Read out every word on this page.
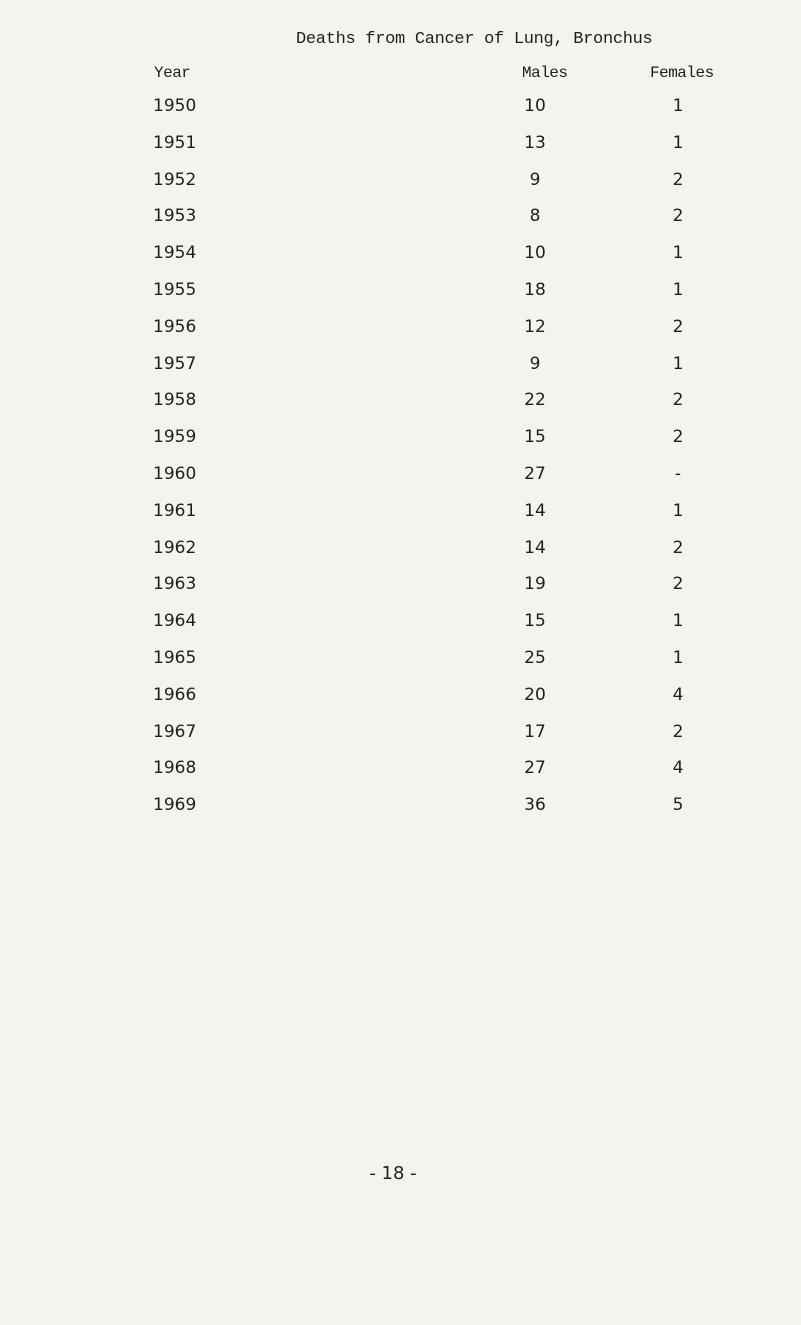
Deaths from Cancer of Lung, Bronchus
Year	Males	Females
1950	10	1
1951	13	1
1952	9	2
1953	8	2
1954	10	1
1955	18	1
1956	12	2
1957	9	1
1958	22	2
1959	15	2
1960	27	-
1961	14	1
1962	14	2
1963	19	2
1964	15	1
1965	25	1
1966	20	4
1967	17	2
1968	27	4
1969	36	5
- 18 -
